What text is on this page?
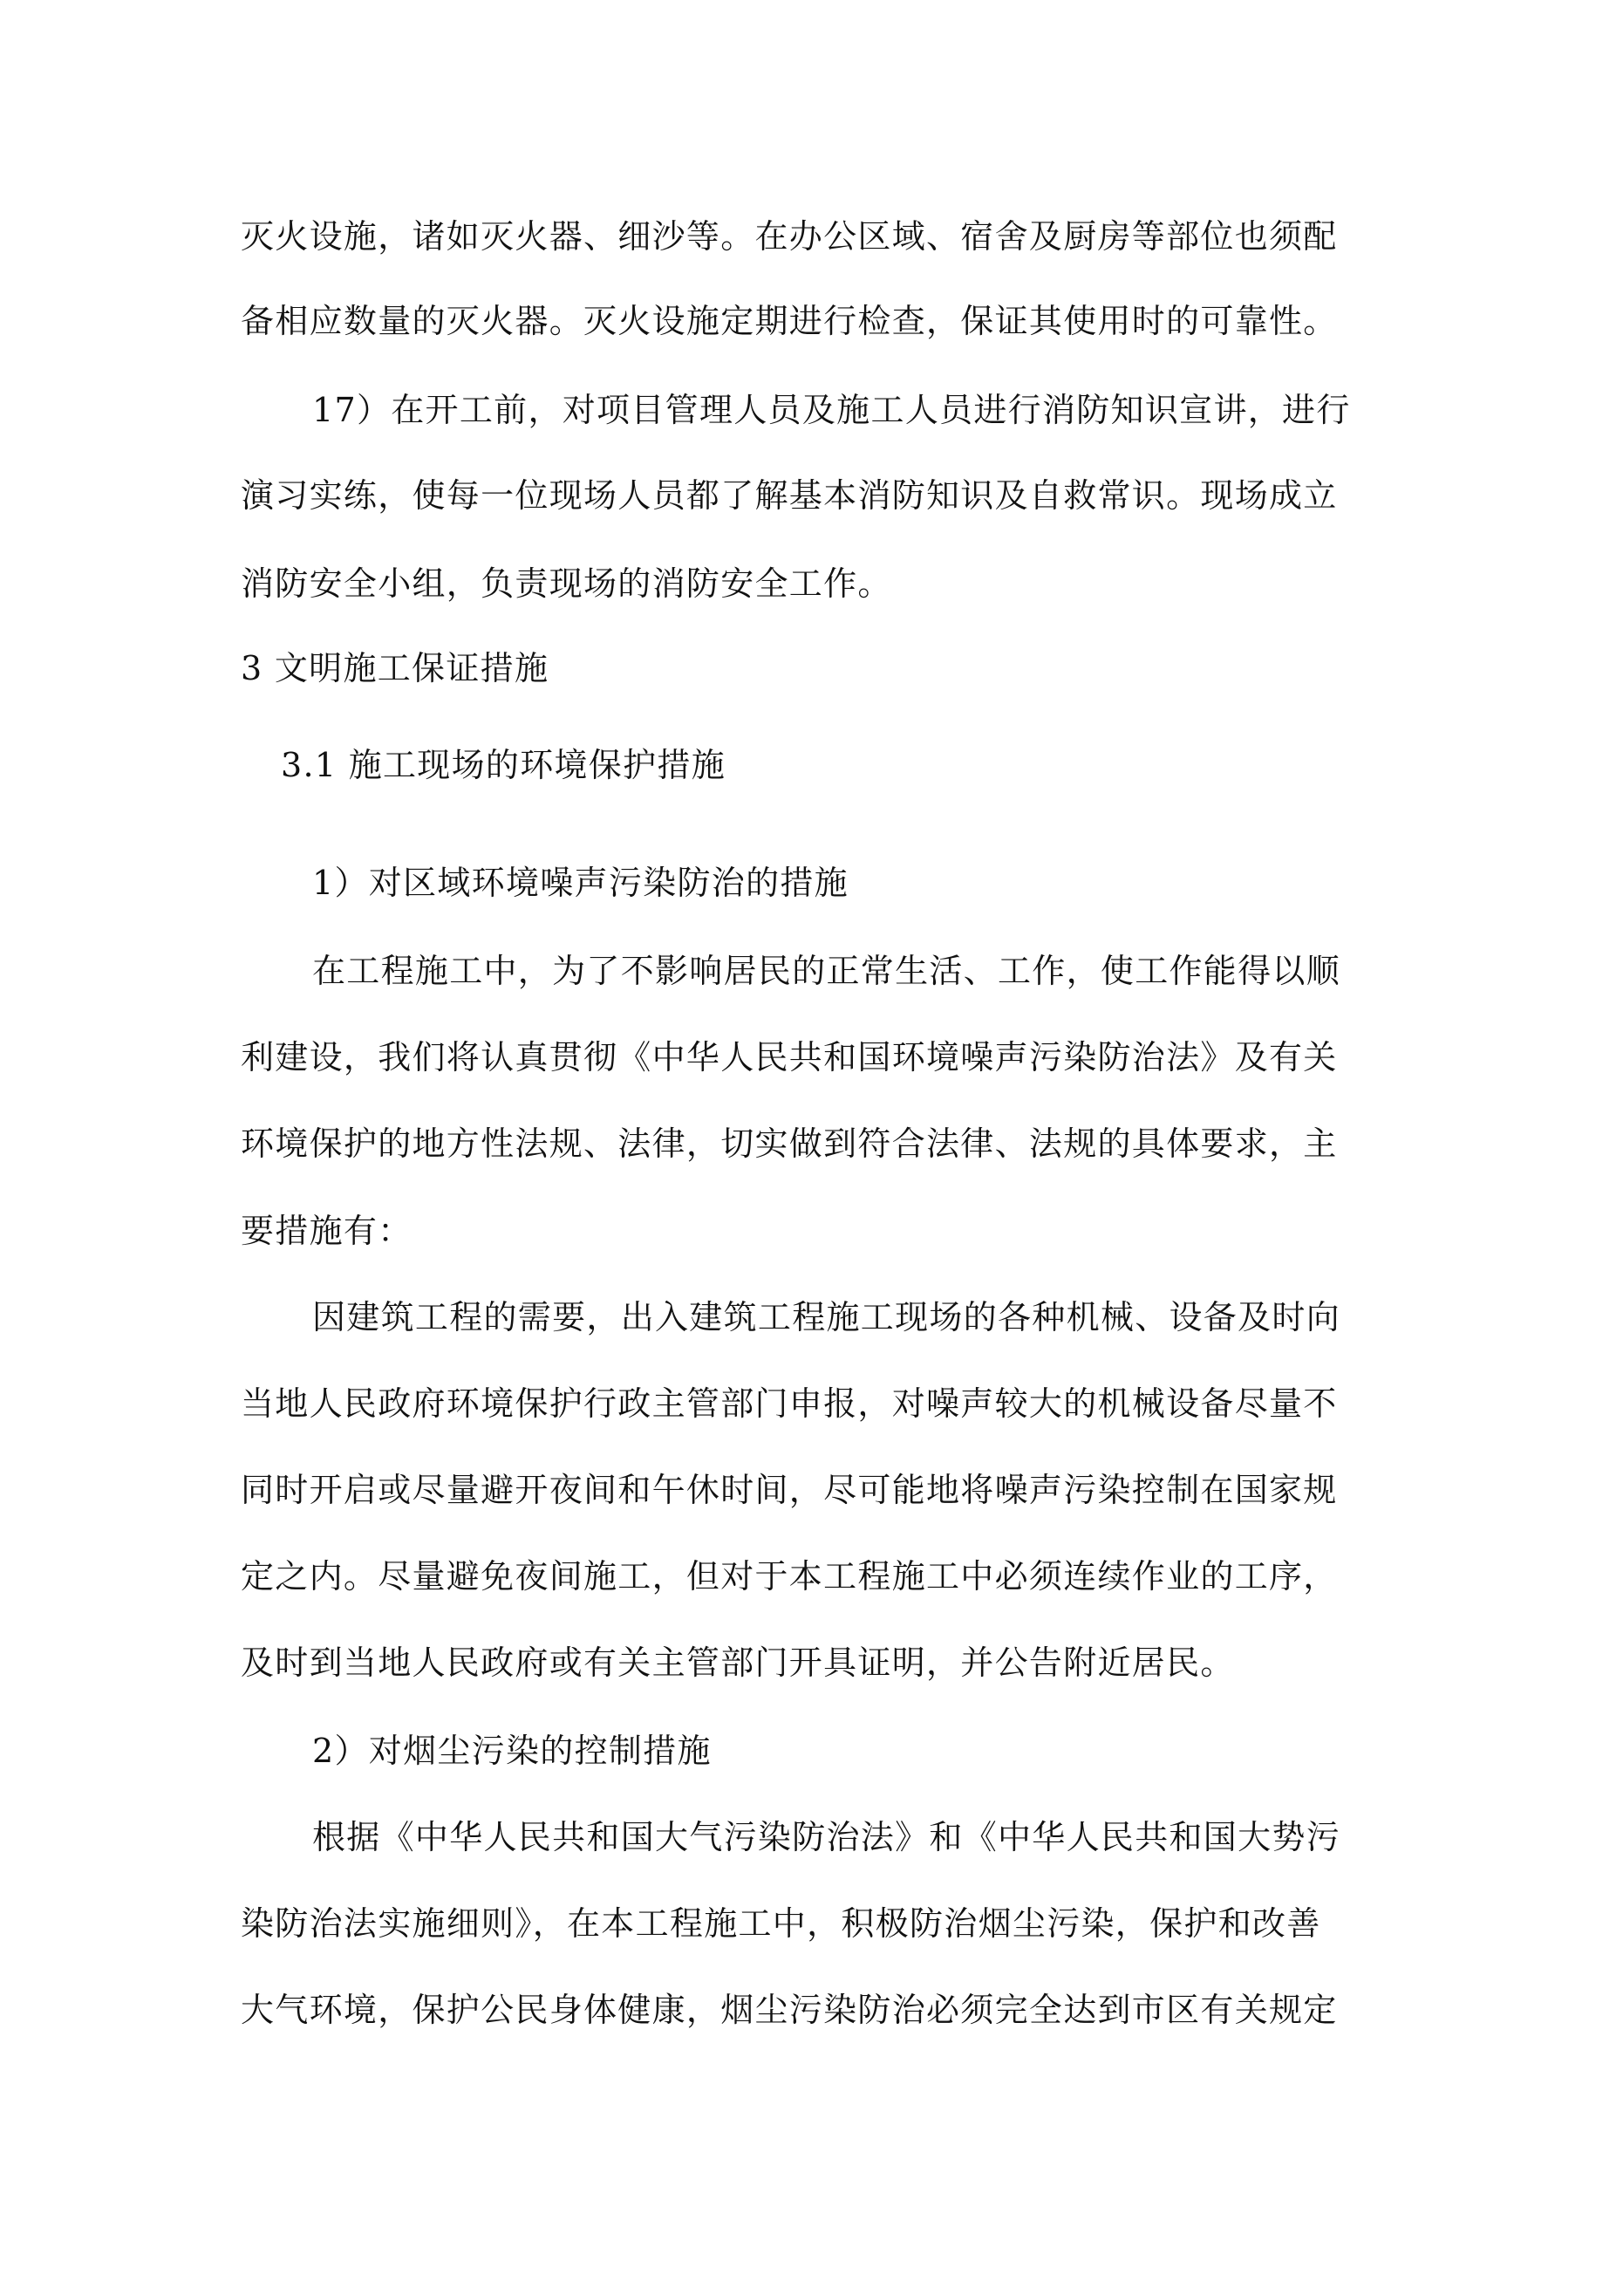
灭火设施，诸如灭火器、细沙等。在办公区域、宿舍及厨房等部位也须配
备相应数量的灭火器。灭火设施定期进行检查，保证其使用时的可靠性。
17）在开工前，对项目管理人员及施工人员进行消防知识宣讲，进行
演习实练，使每一位现场人员都了解基本消防知识及自救常识。现场成立
消防安全小组，负责现场的消防安全工作。
3 文明施工保证措施
3.1 施工现场的环境保护措施
1）对区域环境噪声污染防治的措施
在工程施工中，为了不影响居民的正常生活、工作，使工作能得以顺
利建设，我们将认真贯彻《中华人民共和国环境噪声污染防治法》及有关
环境保护的地方性法规、法律，切实做到符合法律、法规的具体要求，主
要措施有：
因建筑工程的需要，出入建筑工程施工现场的各种机械、设备及时向
当地人民政府环境保护行政主管部门申报，对噪声较大的机械设备尽量不
同时开启或尽量避开夜间和午休时间，尽可能地将噪声污染控制在国家规
定之内。尽量避免夜间施工，但对于本工程施工中必须连续作业的工序，
及时到当地人民政府或有关主管部门开具证明，并公告附近居民。
2）对烟尘污染的控制措施
根据《中华人民共和国大气污染防治法》和《中华人民共和国大势污
染防治法实施细则》，在本工程施工中，积极防治烟尘污染，保护和改善
大气环境，保护公民身体健康，烟尘污染防治必须完全达到市区有关规定
